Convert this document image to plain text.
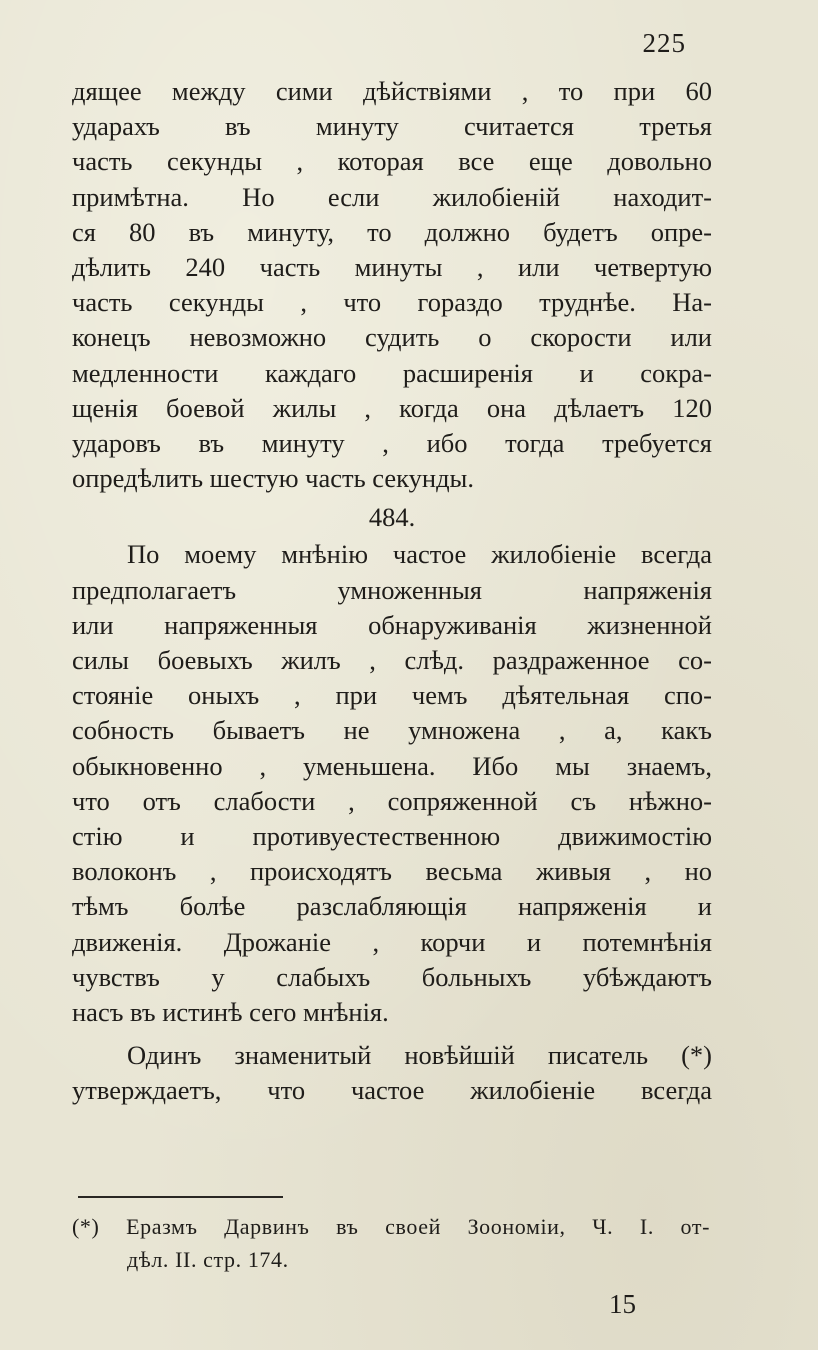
225
дящее между сими дѣйствіями , то при 60
ударахъ въ минуту считается третья
часть секунды , которая все еще довольно
примѣтна. Но если жилобіеній находит-
ся 80 въ минуту, то должно будетъ опре-
дѣлить 240 часть минуты , или четвертую
часть секунды , что гораздо труднѣе. На-
конецъ невозможно судить о скорости или
медленности каждаго расширенія и сокра-
щенія боевой жилы , когда она дѣлаетъ 120
ударовъ въ минуту , ибо тогда требуется
опредѣлить шестую часть секунды.
484.
По моему мнѣнію частое жилобіеніе всегда
предполагаетъ умноженныя напряженія
или напряженныя обнаруживанія жизненной
силы боевыхъ жилъ , слѣд. раздраженное со-
стояніе оныхъ , при чемъ дѣятельная спо-
собность бываетъ не умножена , а, какъ
обыкновенно , уменьшена. Ибо мы знаемъ,
что отъ слабости , сопряженной съ нѣжно-
стію и противуестественною движимостію
волоконъ , происходятъ весьма живыя , но
тѣмъ болѣе разслабляющія напряженія и
движенія. Дрожаніе , корчи и потемнѣнія
чувствъ у слабыхъ больныхъ убѣждаютъ
насъ въ истинѣ сего мнѣнія.
Одинъ знаменитый новѣйшій писатель (*)
утверждаетъ, что частое жилобіеніе всегда
(*) Еразмъ Дарвинъ въ своей Зоономіи, Ч. I. от-
дѣл. II. стр. 174.
15
